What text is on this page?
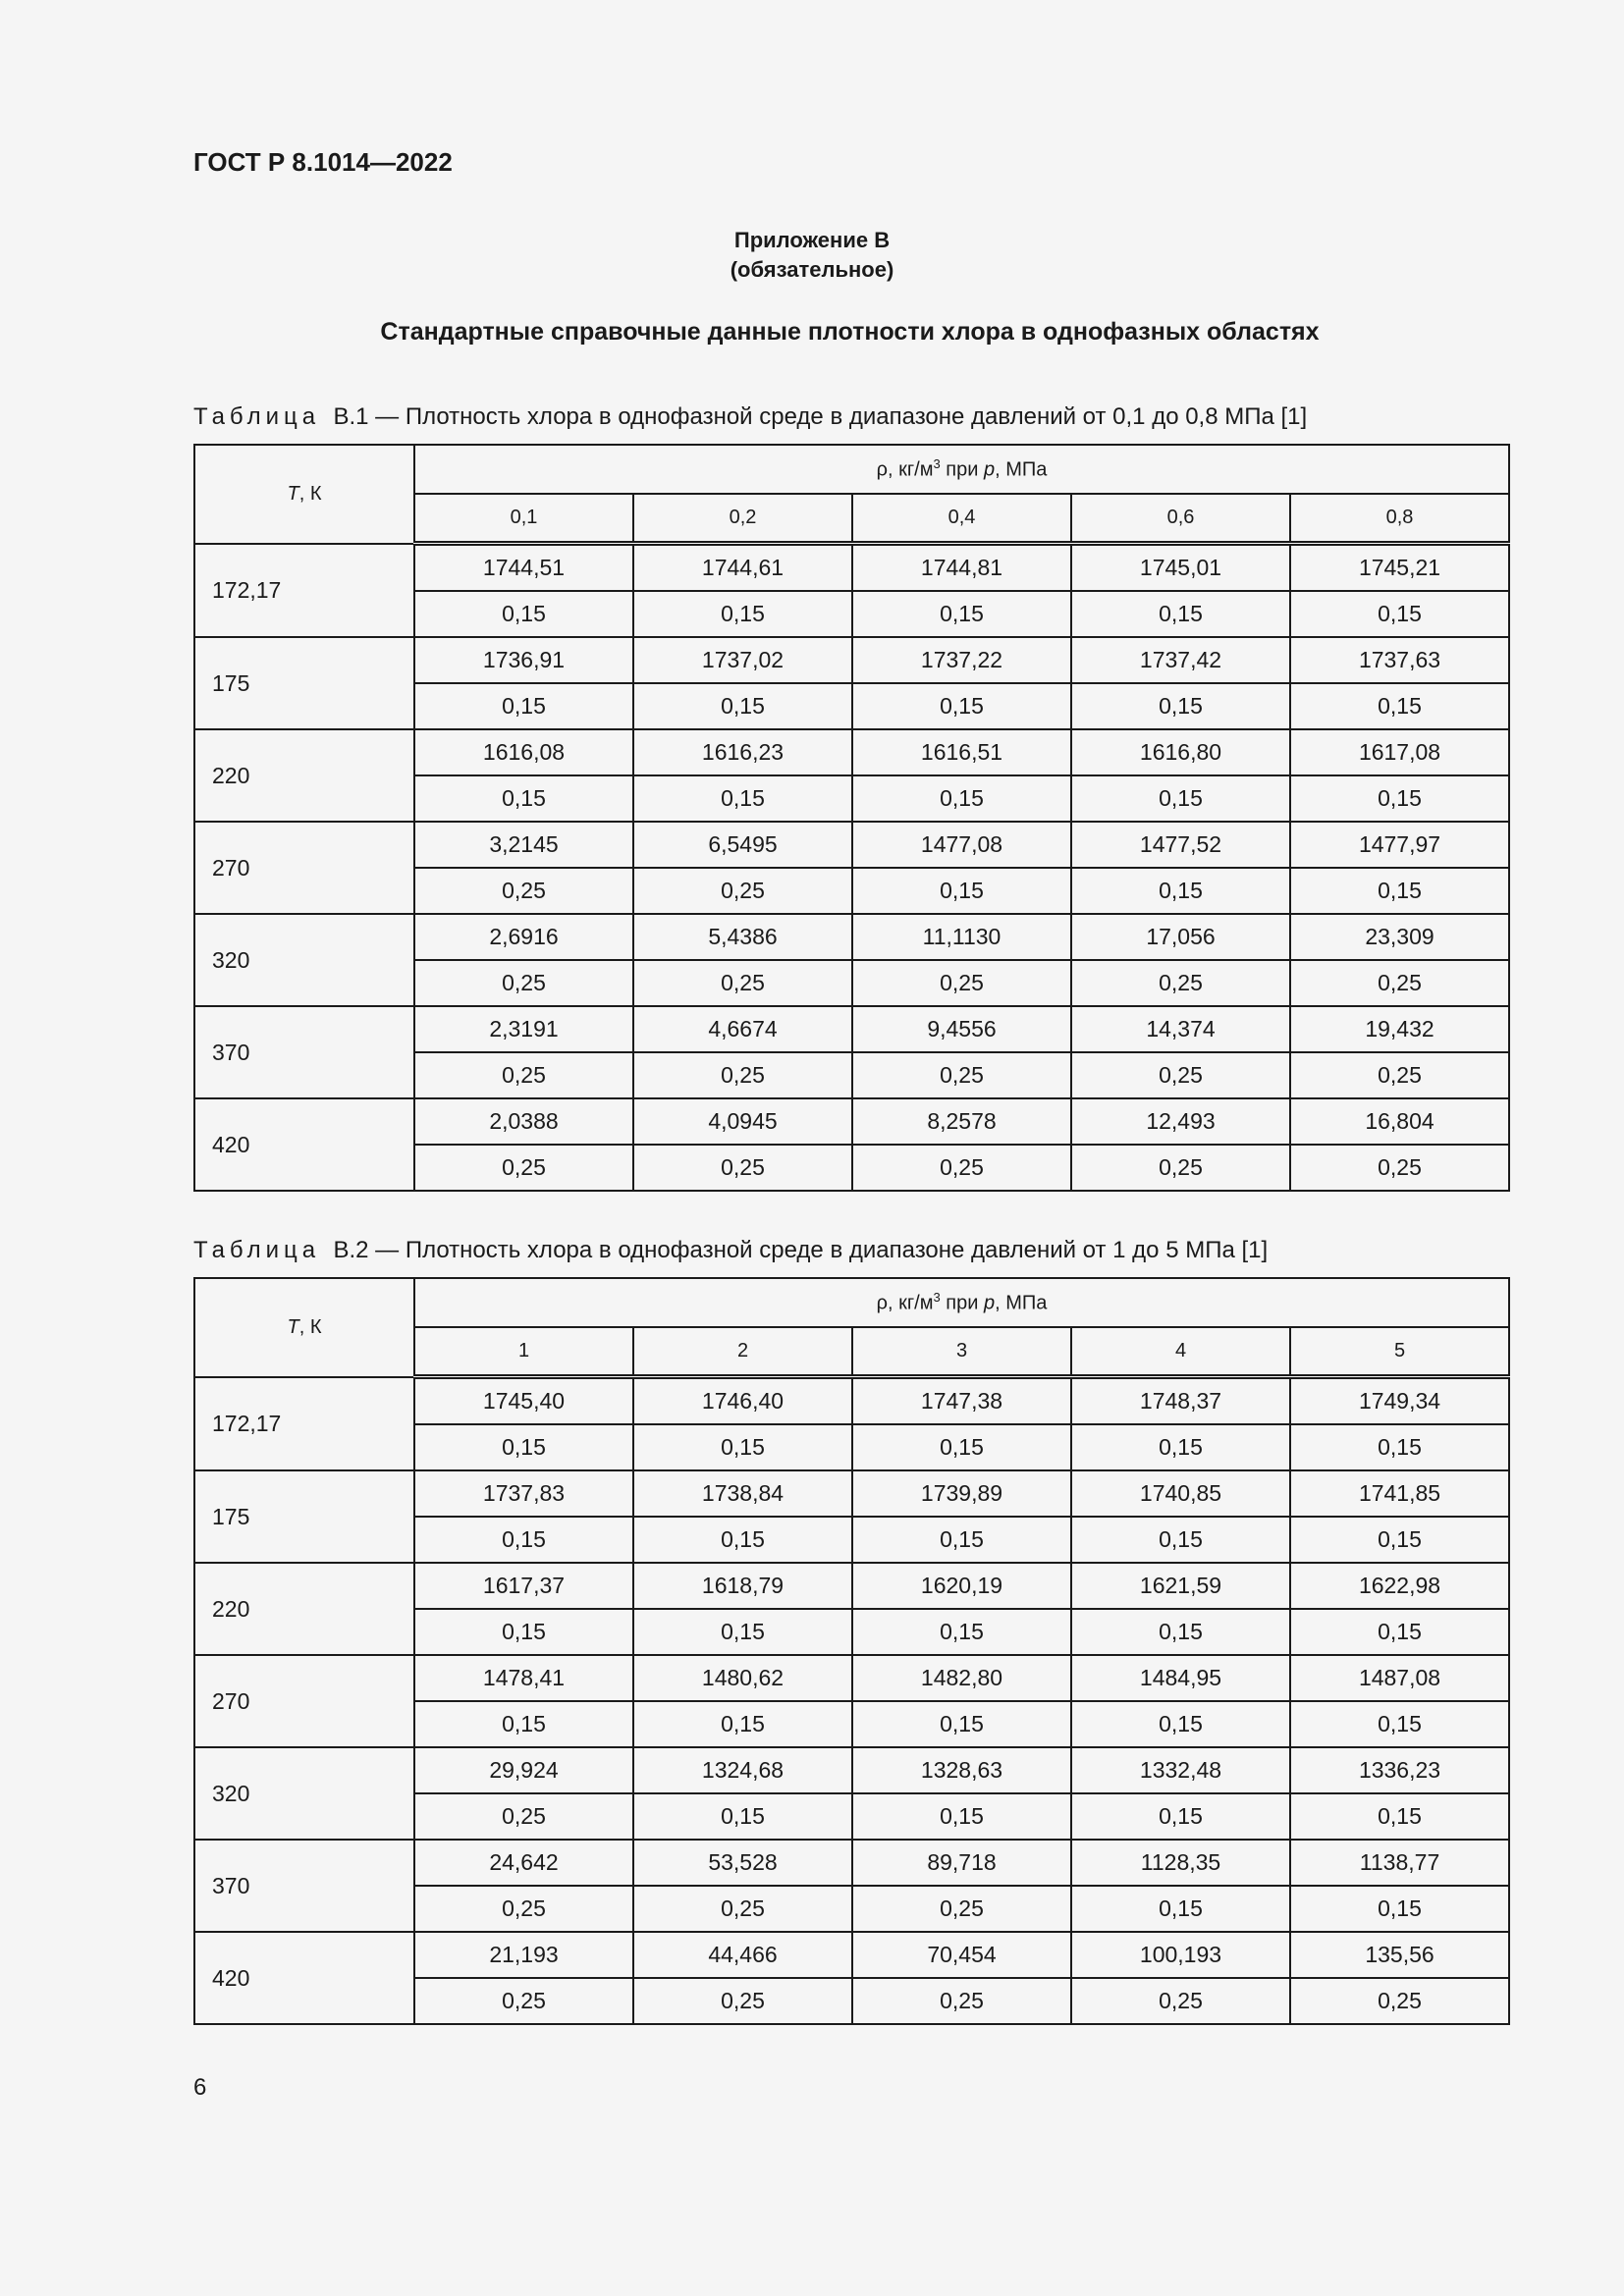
ГОСТ Р 8.1014—2022
Приложение В
(обязательное)
Стандартные справочные данные плотности хлора в однофазных областях
Таблица В.1 — Плотность хлора в однофазной среде в диапазоне давлений от 0,1 до 0,8 МПа [1]
T, К	ρ, $кг/м^3$ при p, МПа				
	0,1	0,2	0,4	0,6	0,8
172,17	1744,51	1744,61	1744,81	1745,01	1745,21
	0,15	0,15	0,15	0,15	0,15
175	1736,91	1737,02	1737,22	1737,42	1737,63
	0,15	0,15	0,15	0,15	0,15
220	1616,08	1616,23	1616,51	1616,80	1617,08
	0,15	0,15	0,15	0,15	0,15
270	3,2145	6,5495	1477,08	1477,52	1477,97
	0,25	0,25	0,15	0,15	0,15
320	2,6916	5,4386	11,1130	17,056	23,309
	0,25	0,25	0,25	0,25	0,25
370	2,3191	4,6674	9,4556	14,374	19,432
	0,25	0,25	0,25	0,25	0,25
420	2,0388	4,0945	8,2578	12,493	16,804
	0,25	0,25	0,25	0,25	0,25
Таблица В.2 — Плотность хлора в однофазной среде в диапазоне давлений от 1 до 5 МПа [1]
T, К	ρ, $кг/м^3$ при p, МПа				
	1	2	3	4	5
172,17	1745,40	1746,40	1747,38	1748,37	1749,34
	0,15	0,15	0,15	0,15	0,15
175	1737,83	1738,84	1739,89	1740,85	1741,85
	0,15	0,15	0,15	0,15	0,15
220	1617,37	1618,79	1620,19	1621,59	1622,98
	0,15	0,15	0,15	0,15	0,15
270	1478,41	1480,62	1482,80	1484,95	1487,08
	0,15	0,15	0,15	0,15	0,15
320	29,924	1324,68	1328,63	1332,48	1336,23
	0,25	0,15	0,15	0,15	0,15
370	24,642	53,528	89,718	1128,35	1138,77
	0,25	0,25	0,25	0,15	0,15
420	21,193	44,466	70,454	100,193	135,56
	0,25	0,25	0,25	0,25	0,25
6
